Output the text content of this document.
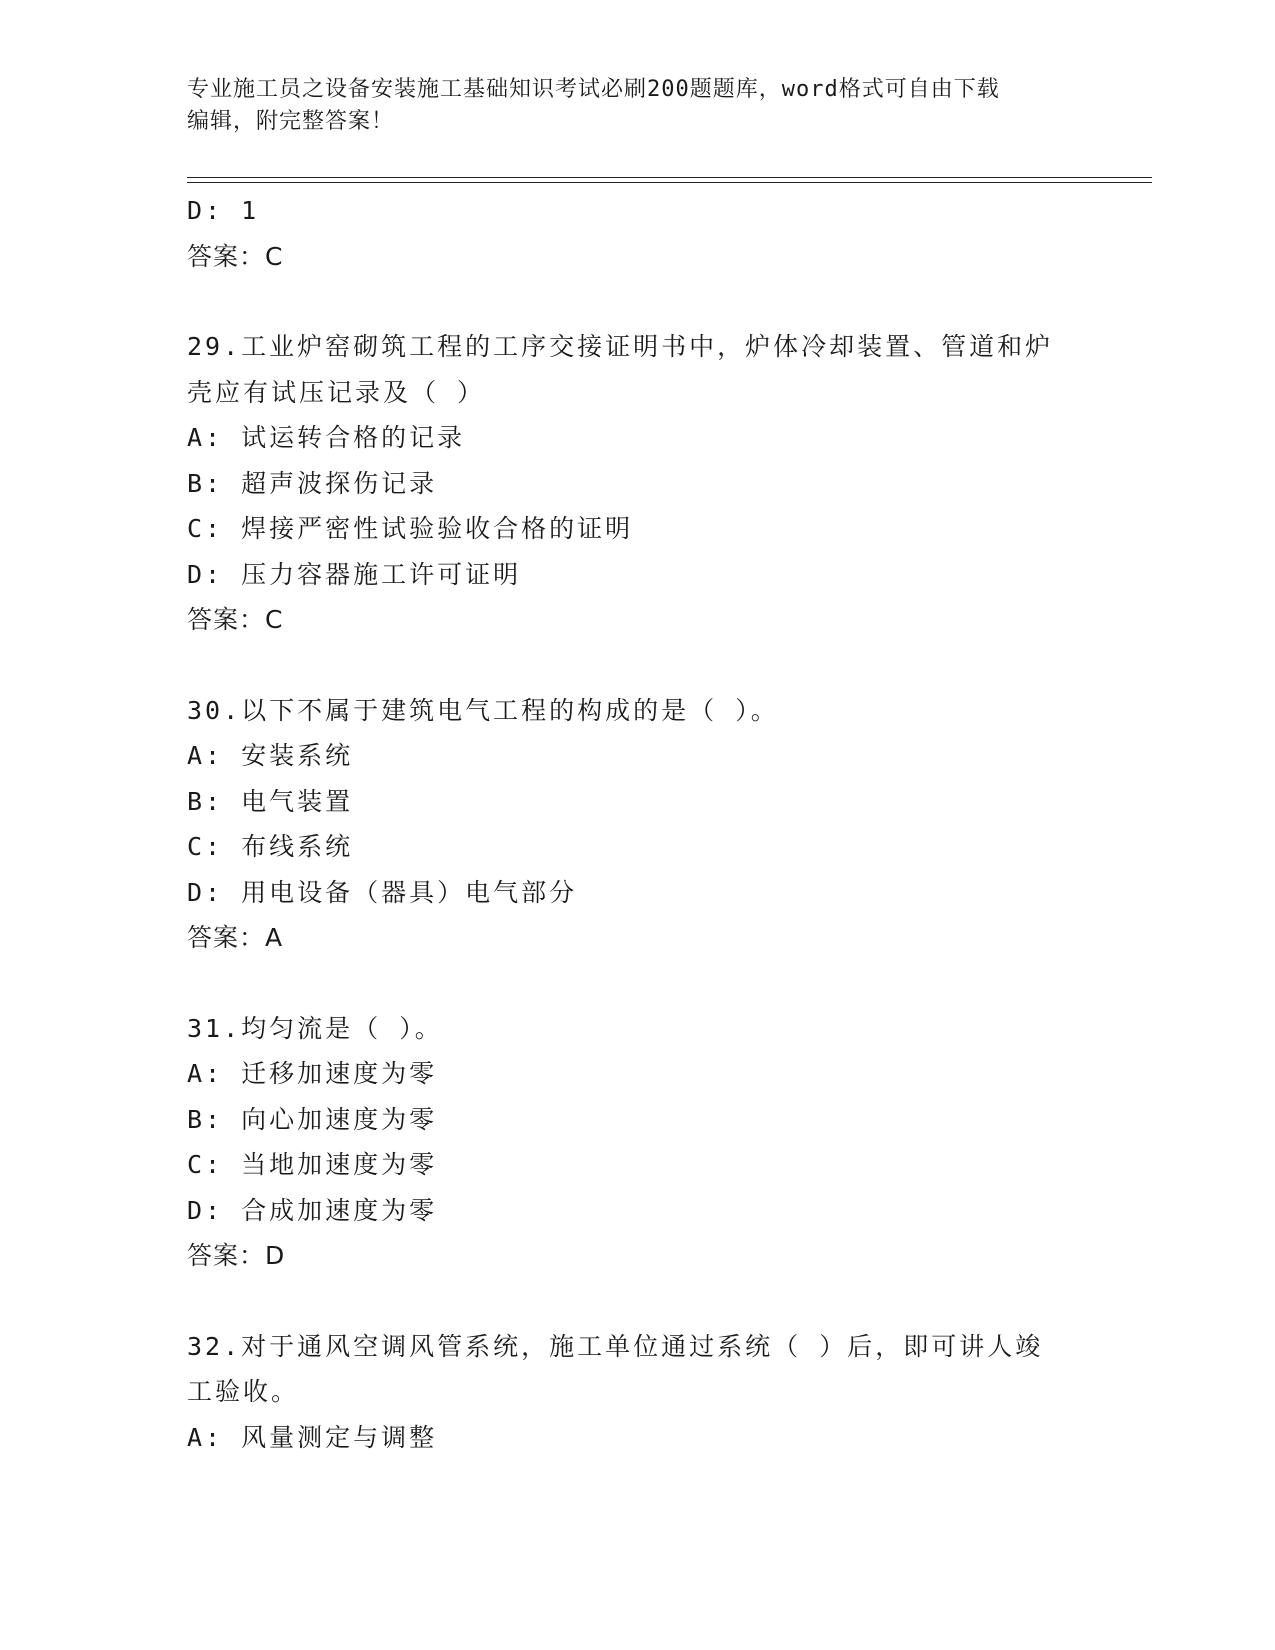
专业施工员之设备安装施工基础知识考试必刷200题题库，word格式可自由下载
编辑，附完整答案！
D: 1
答案：C
29.工业炉窑砌筑工程的工序交接证明书中，炉体冷却装置、管道和炉
壳应有试压记录及（ ）
A: 试运转合格的记录
B: 超声波探伤记录
C: 焊接严密性试验验收合格的证明
D: 压力容器施工许可证明
答案：C
30.以下不属于建筑电气工程的构成的是（ ）。
A: 安装系统
B: 电气装置
C: 布线系统
D: 用电设备（器具）电气部分
答案：A
31.均匀流是（ ）。
A: 迁移加速度为零
B: 向心加速度为零
C: 当地加速度为零
D: 合成加速度为零
答案：D
32.对于通风空调风管系统，施工单位通过系统（ ）后，即可讲人竣
工验收。
A: 风量测定与调整
